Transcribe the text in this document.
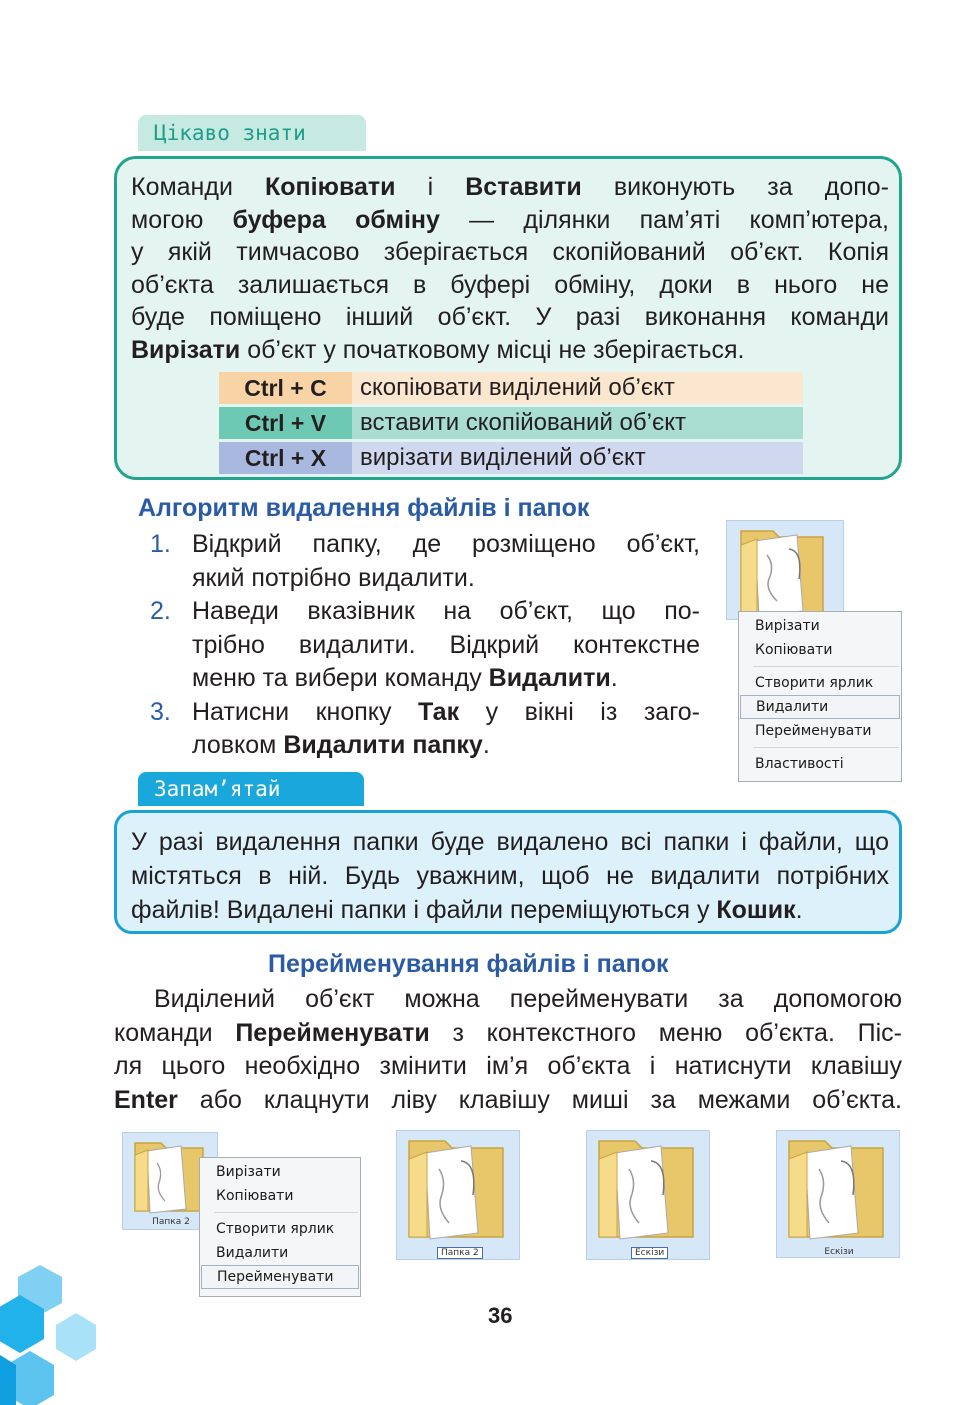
Цікаво знати
Команди Копіювати і Вставити виконують за допо-
могою буфера обміну — ділянки пам’яті комп’ютера,
у якій тимчасово зберігається скопійований об’єкт. Копія
об’єкта залишається в буфері обміну, доки в нього не
буде поміщено інший об’єкт. У разі виконання команди
Вирізати об’єкт у початковому місці не зберігається.
Ctrl + C	скопіювати виділений об’єкт
Ctrl + V	вставити скопійований об’єкт
Ctrl + X	вирізати виділений об’єкт
Алгоритм видалення файлів і папок
1. Відкрий папку, де розміщено об’єкт,
який потрібно видалити.
2. Наведи вказівник на об’єкт, що по-
трібно видалити. Відкрий контекстне
меню та вибери команду Видалити.
3. Натисни кнопку Так у вікні із заго-
ловком Видалити папку.
Вирізати
Копіювати
Створити ярлик
Видалити
Перейменувати
Властивості
Запам’ятай
У разі видалення папки буде видалено всі папки і файли, що
містяться в ній. Будь уважним, щоб не видалити потрібних
файлів! Видалені папки і файли переміщуються у Кошик.
Перейменування файлів і папок
Виділений об’єкт можна перейменувати за допомогою
команди Перейменувати з контекстного меню об’єкта. Піс-
ля цього необхідно змінити ім’я об’єкта і натиснути клавішу
Enter або клацнути ліву клавішу миші за межами об’єкта.
Папка 2
Вирізати
Копіювати
Створити ярлик
Видалити
Перейменувати
Папка 2	Ескізи	Ескізи
36
